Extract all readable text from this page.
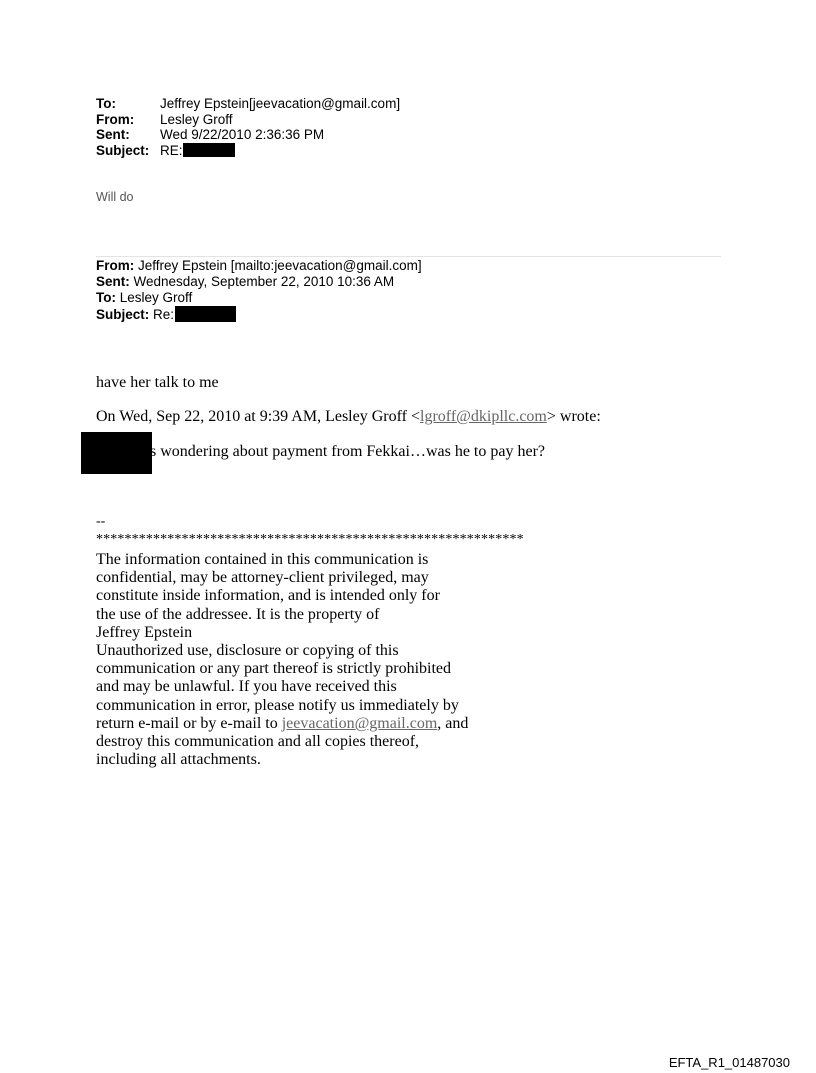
To:	Jeffrey Epstein[jeevacation@gmail.com]
From:	Lesley Groff
Sent:	Wed 9/22/2010 2:36:36 PM
Subject: RE:
Will do
From: Jeffrey Epstein [mailto:jeevacation@gmail.com]
Sent: Wednesday, September 22, 2010 10:36 AM
To: Lesley Groff
Subject: Re:
have her talk to me
On Wed, Sep 22, 2010 at 9:39 AM, Lesley Groff <lgroff@dkipllc.com> wrote:
s wondering about payment from Fekkai…was he to pay her?
--
************************************************************
The information contained in this communication is
confidential, may be attorney-client privileged, may
constitute inside information, and is intended only for
the use of the addressee. It is the property of
Jeffrey Epstein
Unauthorized use, disclosure or copying of this
communication or any part thereof is strictly prohibited
and may be unlawful. If you have received this
communication in error, please notify us immediately by
return e-mail or by e-mail to jeevacation@gmail.com, and
destroy this communication and all copies thereof,
including all attachments.
EFTA_R1_01487030
